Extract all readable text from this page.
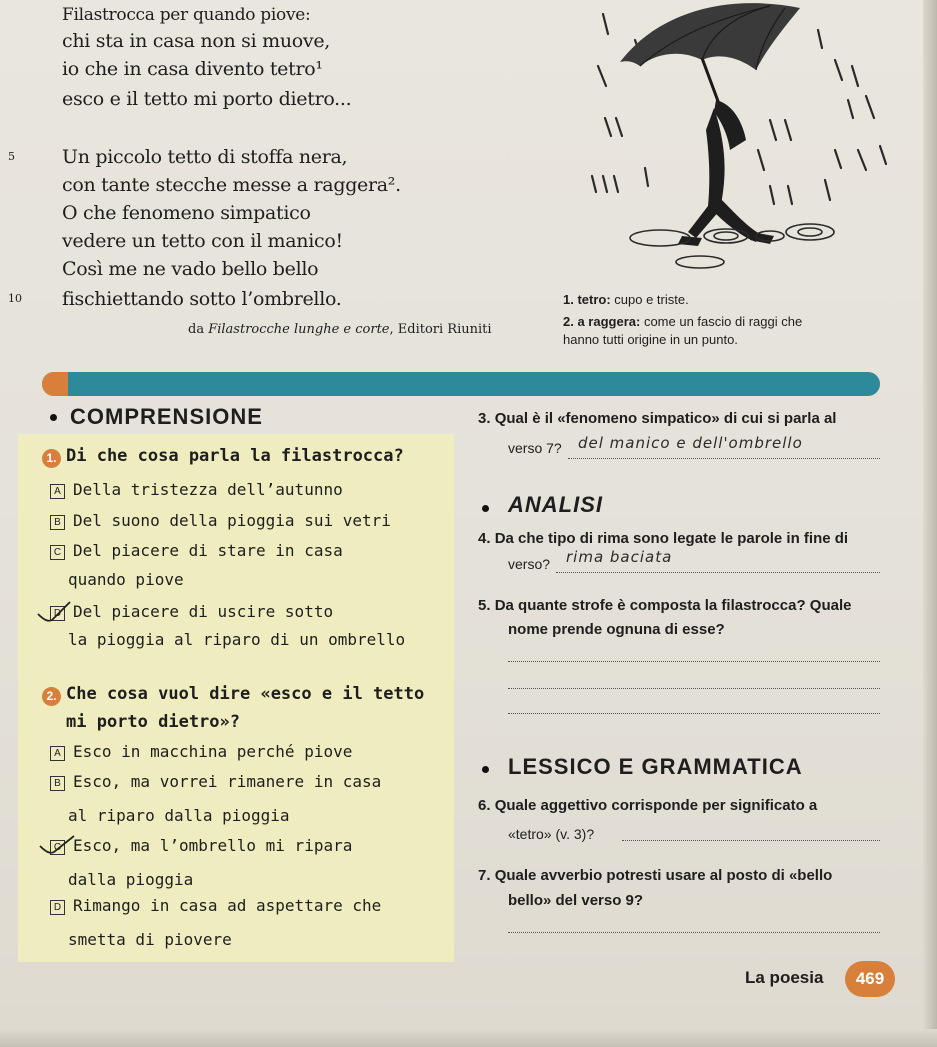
Filastrocca per quando piove:
chi sta in casa non si muove,
io che in casa divento tetro¹
esco e il tetto mi porto dietro...
5 Un piccolo tetto di stoffa nera,
con tante stecche messe a raggera².
O che fenomeno simpatico
vedere un tetto con il manico!
Così me ne vado bello bello
10 fischiettando sotto l’ombrello.
da Filastrocche lunghe e corte, Editori Riuniti
1. tetro: cupo e triste.
2. a raggera: come un fascio di raggi che
hanno tutti origine in un punto.
COMPRENSIONE
1. Di che cosa parla la filastrocca?
A Della tristezza dell’autunno
B Del suono della pioggia sui vetri
C Del piacere di stare in casa
quando piove
D Del piacere di uscire sotto
la pioggia al riparo di un ombrello
2. Che cosa vuol dire «esco e il tetto
mi porto dietro»?
A Esco in macchina perché piove
B Esco, ma vorrei rimanere in casa
al riparo dalla pioggia
C Esco, ma l’ombrello mi ripara
dalla pioggia
D Rimango in casa ad aspettare che
smetta di piovere
3. Qual è il «fenomeno simpatico» di cui si parla al
verso 7? del manico e dell'ombrello
ANALISI
4. Da che tipo di rima sono legate le parole in fine di
verso? rima baciata
5. Da quante strofe è composta la filastrocca? Quale
nome prende ognuna di esse?
LESSICO E GRAMMATICA
6. Quale aggettivo corrisponde per significato a
«tetro» (v. 3)?
7. Quale avverbio potresti usare al posto di «bello
bello» del verso 9?
La poesia	469
